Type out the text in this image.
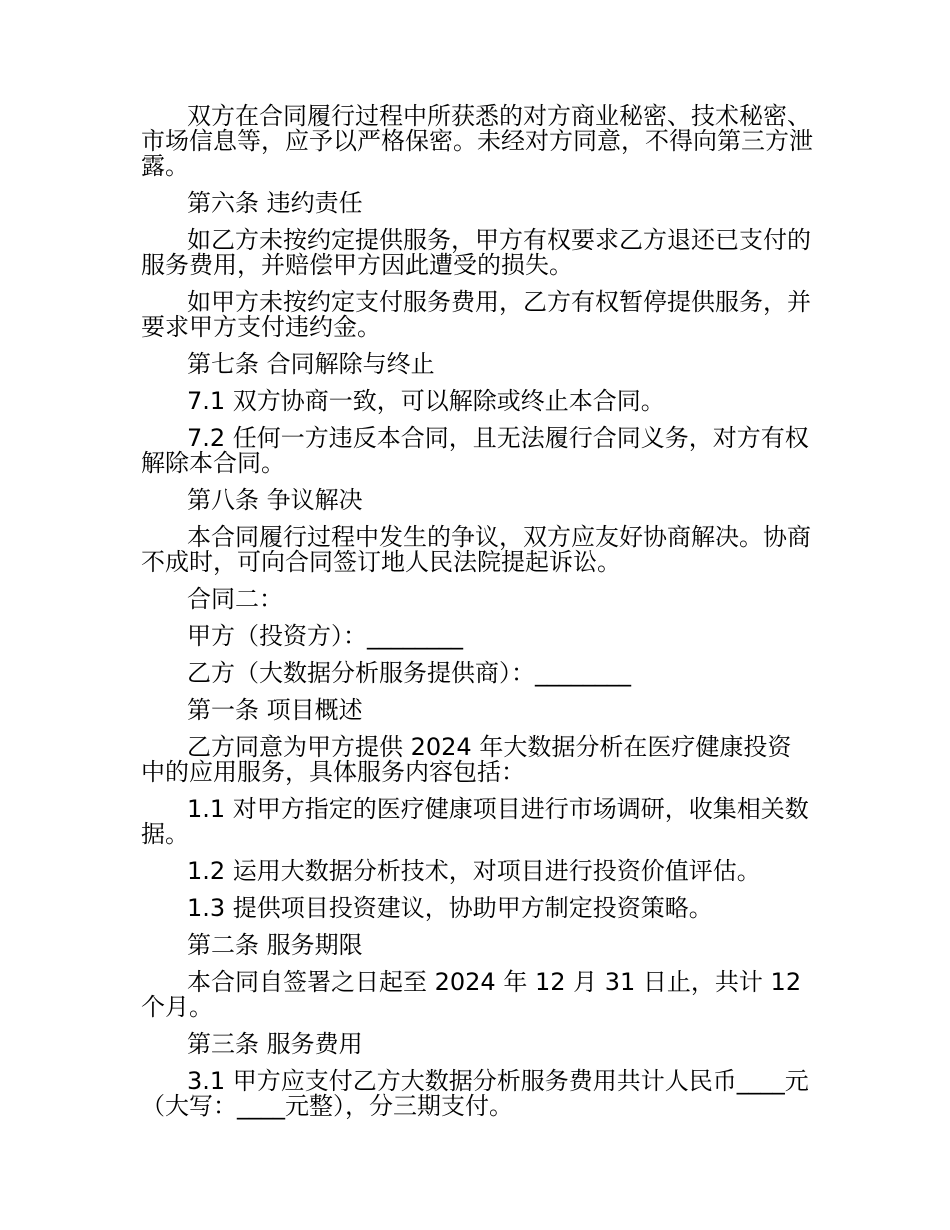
双方在合同履行过程中所获悉的对方商业秘密、技术秘密、市场信息等，应予以严格保密。未经对方同意，不得向第三方泄露。

第六条 违约责任

如乙方未按约定提供服务，甲方有权要求乙方退还已支付的服务费用，并赔偿甲方因此遭受的损失。

如甲方未按约定支付服务费用，乙方有权暂停提供服务，并要求甲方支付违约金。

第七条 合同解除与终止

7.1 双方协商一致，可以解除或终止本合同。

7.2 任何一方违反本合同，且无法履行合同义务，对方有权解除本合同。

第八条 争议解决

本合同履行过程中发生的争议，双方应友好协商解决。协商不成时，可向合同签订地人民法院提起诉讼。

合同二：

甲方（投资方）：________

乙方（大数据分析服务提供商）：________

第一条 项目概述

乙方同意为甲方提供 2024 年大数据分析在医疗健康投资中的应用服务，具体服务内容包括：

1.1 对甲方指定的医疗健康项目进行市场调研，收集相关数据。

1.2 运用大数据分析技术，对项目进行投资价值评估。

1.3 提供项目投资建议，协助甲方制定投资策略。

第二条 服务期限

本合同自签署之日起至 2024 年 12 月 31 日止，共计 12 个月。

第三条 服务费用

3.1 甲方应支付乙方大数据分析服务费用共计人民币____元（大写：____元整），分三期支付。
